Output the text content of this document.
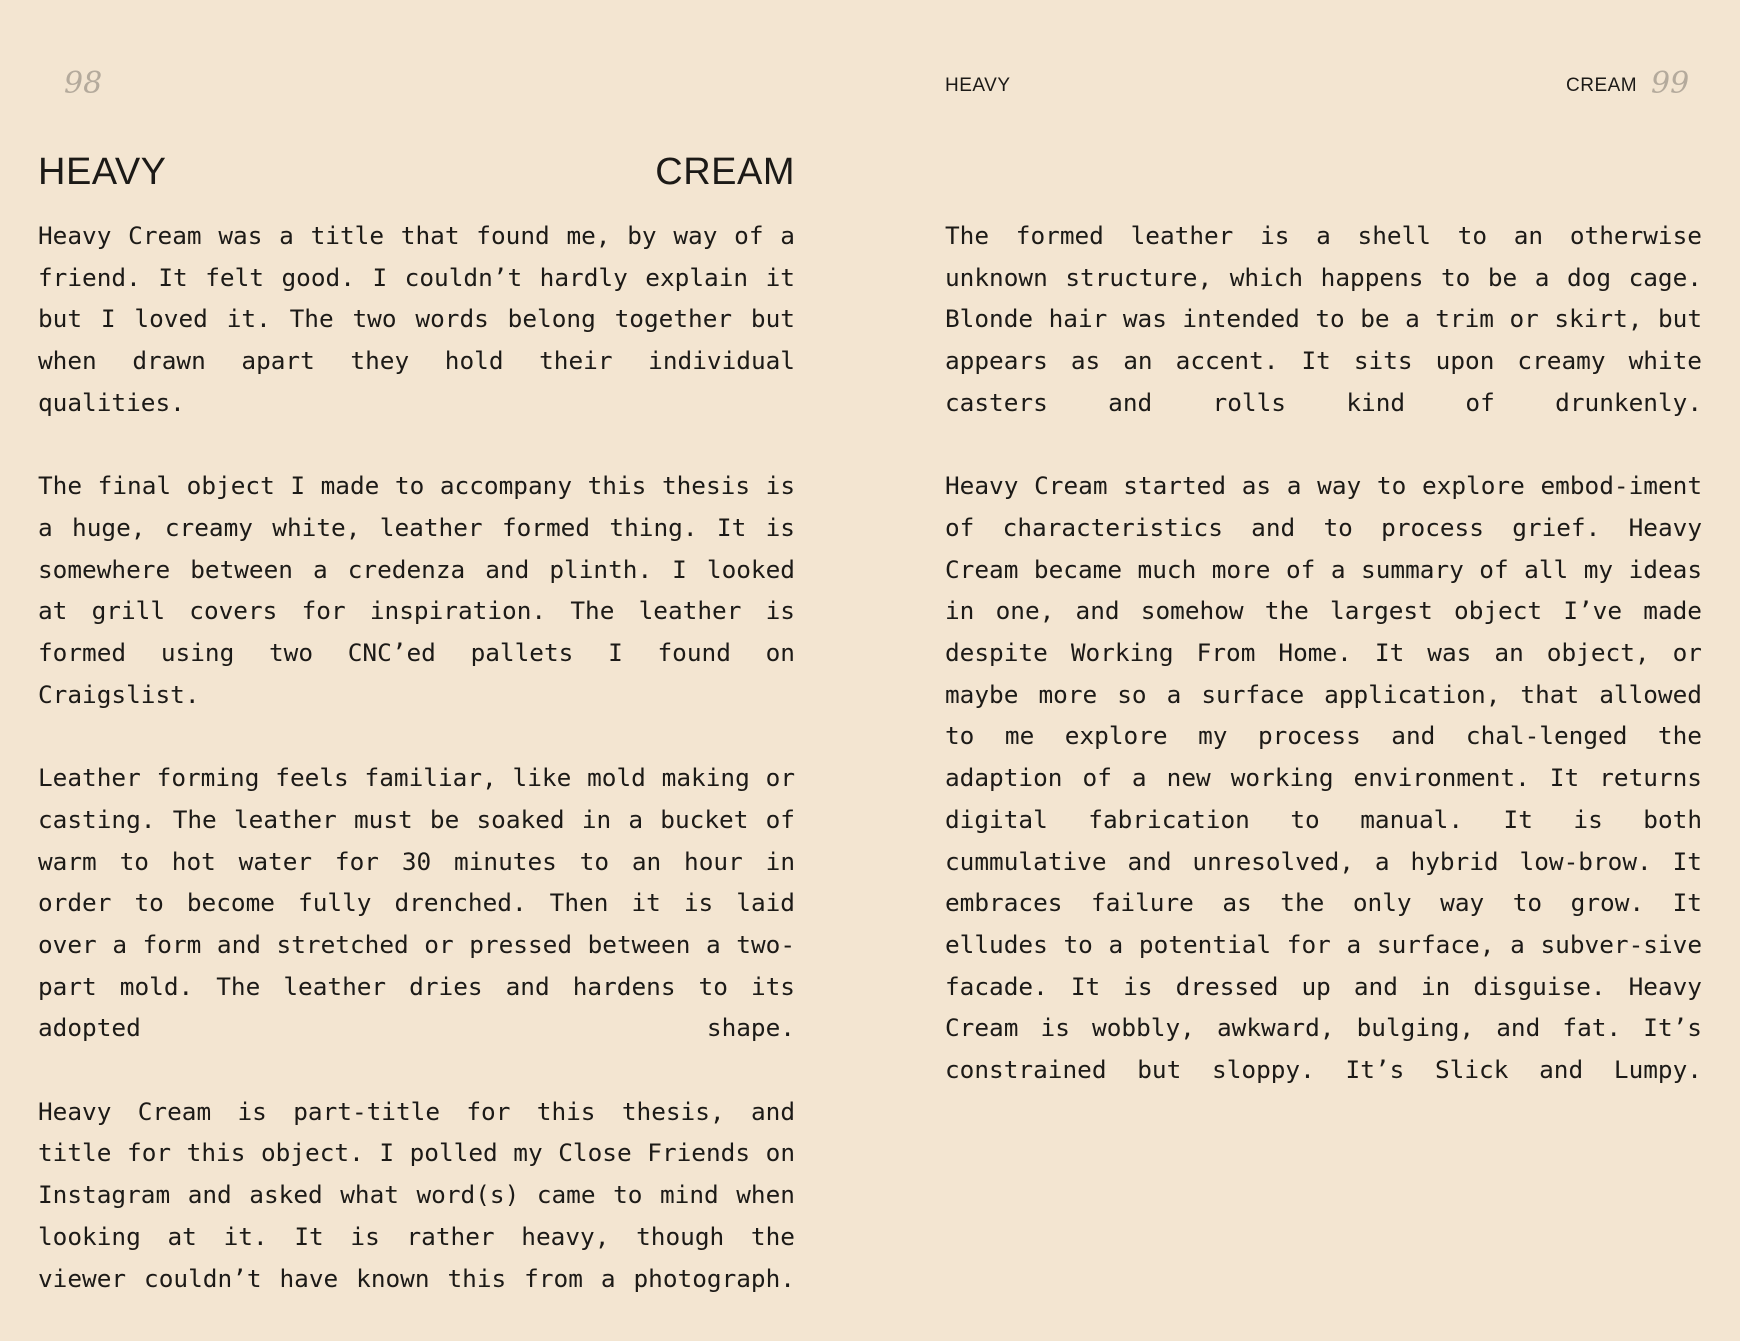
98
HEAVY	CREAM

Heavy Cream was a title that found me, by way of a friend. It felt good. I couldn’t hardly explain it but I loved it. The two words belong together but when drawn apart they hold their individual qualities.

The final object I made to accompany this thesis is a huge, creamy white, leather formed thing. It is somewhere between a credenza and plinth. I looked at grill covers for inspiration. The leather is formed using two CNC’ed pallets I found on Craigslist.

Leather forming feels familiar, like mold making or casting. The leather must be soaked in a bucket of warm to hot water for 30 minutes to an hour in order to become fully drenched. Then it is laid over a form and stretched or pressed between a two-part mold. The leather dries and hardens to its adopted shape.

Heavy Cream is part-title for this thesis, and title for this object. I polled my Close Friends on Instagram and asked what word(s) came to mind when looking at it. It is rather heavy, though the viewer couldn’t have known this from a photograph.

HEAVY	CREAM 99

The formed leather is a shell to an otherwise unknown structure, which happens to be a dog cage. Blonde hair was intended to be a trim or skirt, but appears as an accent. It sits upon creamy white casters and rolls kind of drunkenly.

Heavy Cream started as a way to explore embod-iment of characteristics and to process grief. Heavy Cream became much more of a summary of all my ideas in one, and somehow the largest object I’ve made despite Working From Home. It was an object, or maybe more so a surface application, that allowed to me explore my process and chal-lenged the adaption of a new working environment. It returns digital fabrication to manual. It is both cummulative and unresolved, a hybrid low-brow. It embraces failure as the only way to grow. It elludes to a potential for a surface, a subver-sive facade. It is dressed up and in disguise. Heavy Cream is wobbly, awkward, bulging, and fat. It’s constrained but sloppy. It’s Slick and Lumpy.
